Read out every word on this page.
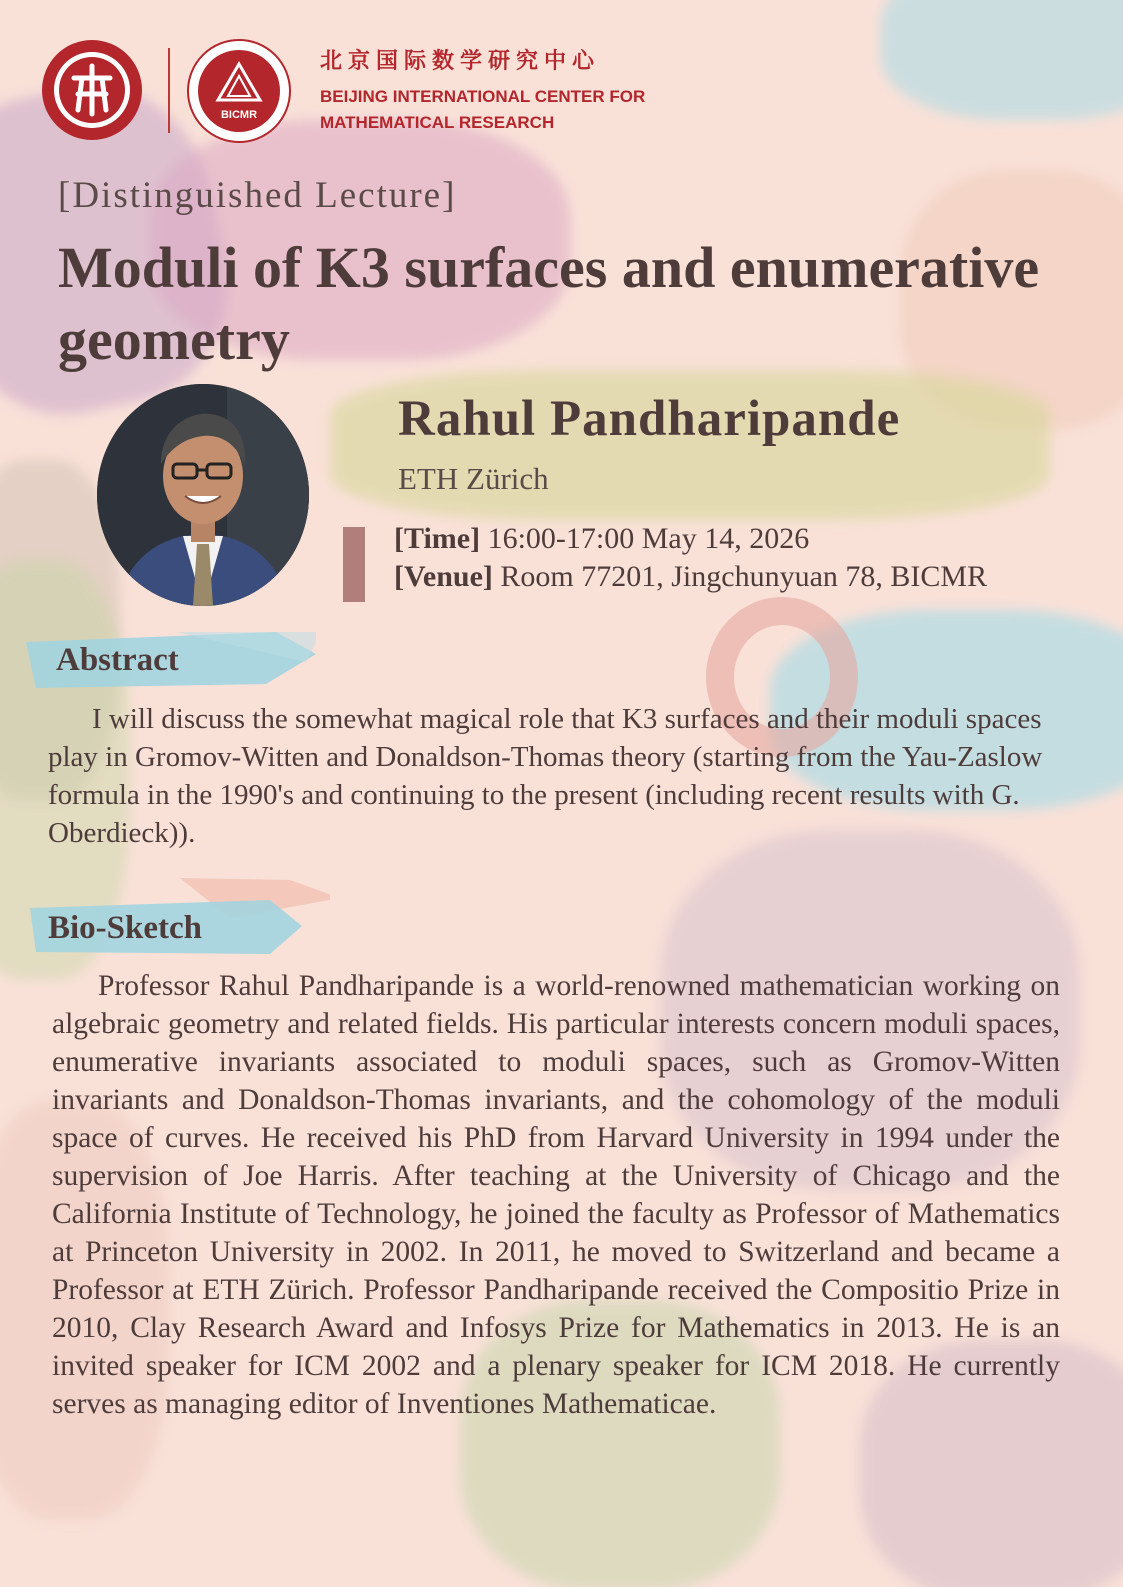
BICMR
北京国际数学研究中心
BEIJING INTERNATIONAL CENTER FOR
MATHEMATICAL RESEARCH
[Distinguished Lecture]
Moduli of K3 surfaces and enumerative geometry
Rahul Pandharipande
ETH Zürich
[Time] 16:00-17:00 May 14, 2026
[Venue] Room 77201, Jingchunyuan 78, BICMR
Abstract
I will discuss the somewhat magical role that K3 surfaces and their moduli spaces play in Gromov-Witten and Donaldson-Thomas theory (starting from the Yau-Zaslow formula in the 1990's and continuing to the present (including recent results with G. Oberdieck)).
Bio-Sketch
Professor Rahul Pandharipande is a world-renowned mathematician working on algebraic geometry and related fields. His particular interests concern moduli spaces, enumerative invariants associated to moduli spaces, such as Gromov-Witten invariants and Donaldson-Thomas invariants, and the cohomology of the moduli space of curves. He received his PhD from Harvard University in 1994 under the supervision of Joe Harris. After teaching at the University of Chicago and the California Institute of Technology, he joined the faculty as Professor of Mathematics at Princeton University in 2002. In 2011, he moved to Switzerland and became a Professor at ETH Zürich. Professor Pandharipande received the Compositio Prize in 2010, Clay Research Award and Infosys Prize for Mathematics in 2013. He is an invited speaker for ICM 2002 and a plenary speaker for ICM 2018. He currently serves as managing editor of Inventiones Mathematicae.
